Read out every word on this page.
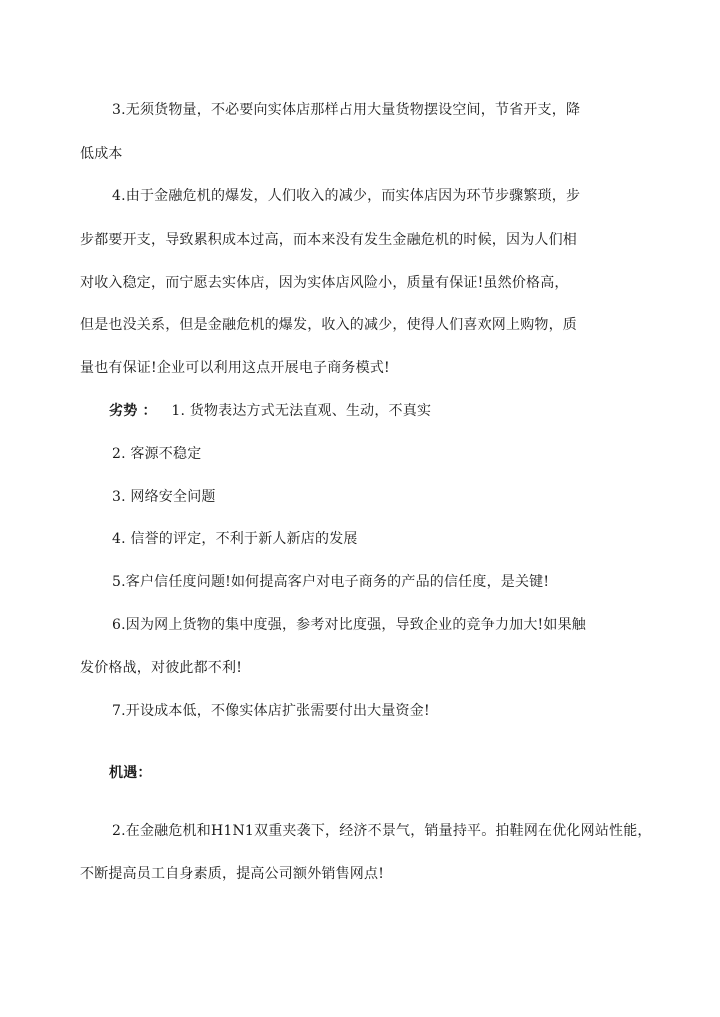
3.无须货物量，不必要向实体店那样占用大量货物摆设空间，节省开支，降
低成本
4.由于金融危机的爆发，人们收入的减少，而实体店因为环节步骤繁琐，步
步都要开支，导致累积成本过高，而本来没有发生金融危机的时候，因为人们相
对收入稳定，而宁愿去实体店，因为实体店风险小，质量有保证!虽然价格高，
但是也没关系，但是金融危机的爆发，收入的减少，使得人们喜欢网上购物，质
量也有保证!企业可以利用这点开展电子商务模式!
劣势 ： 1. 货物表达方式无法直观、生动，不真实
2. 客源不稳定
3. 网络安全问题
4. 信誉的评定，不利于新人新店的发展
5.客户信任度问题!如何提高客户对电子商务的产品的信任度，是关键!
6.因为网上货物的集中度强，参考对比度强，导致企业的竞争力加大!如果触
发价格战，对彼此都不利!
7.开设成本低，不像实体店扩张需要付出大量资金!
机遇：
2.在金融危机和H1N1双重夹袭下，经济不景气，销量持平。拍鞋网在优化网站性能，
不断提高员工自身素质，提高公司额外销售网点!
